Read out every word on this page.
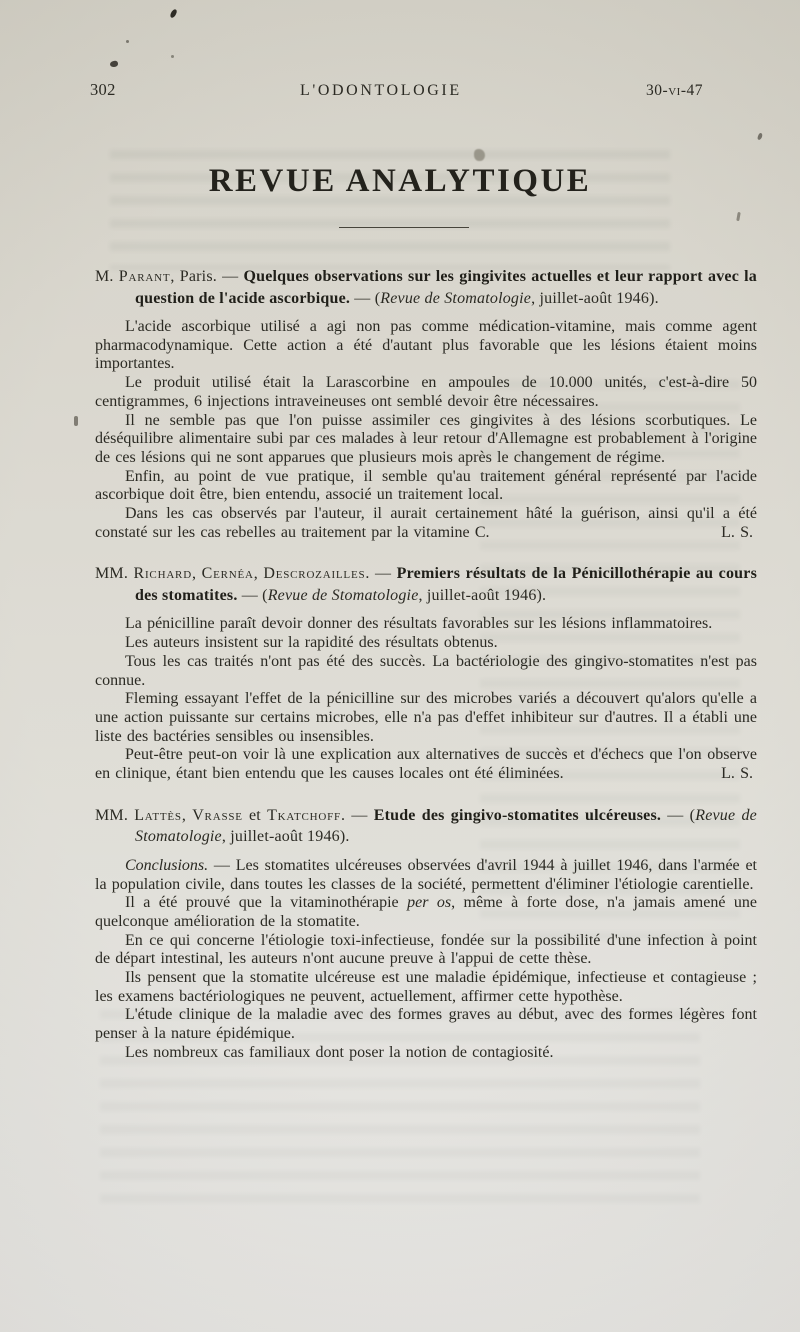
302	L'ODONTOLOGIE	30-vi-47
REVUE ANALYTIQUE

M. Parant, Paris. — Quelques observations sur les gingivites actuelles et leur rapport avec la question de l'acide ascorbique. — (Revue de Stomatologie, juillet-août 1946).

L'acide ascorbique utilisé a agi non pas comme médication-vitamine, mais comme agent pharmacodynamique. Cette action a été d'autant plus favorable que les lésions étaient moins importantes.

Le produit utilisé était la Larascorbine en ampoules de 10.000 unités, c'est-à-dire 50 centigrammes, 6 injections intraveineuses ont semblé devoir être nécessaires.

Il ne semble pas que l'on puisse assimiler ces gingivites à des lésions scorbutiques. Le déséquilibre alimentaire subi par ces malades à leur retour d'Allemagne est probablement à l'origine de ces lésions qui ne sont apparues que plusieurs mois après le changement de régime.

Enfin, au point de vue pratique, il semble qu'au traitement général représenté par l'acide ascorbique doit être, bien entendu, associé un traitement local.

Dans les cas observés par l'auteur, il aurait certainement hâté la guérison, ainsi qu'il a été constaté sur les cas rebelles au traitement par la vitamine C.	L. S.

MM. Richard, Cernéa, Descrozailles. — Premiers résultats de la Pénicillothérapie au cours des stomatites. — (Revue de Stomatologie, juillet-août 1946).

La pénicilline paraît devoir donner des résultats favorables sur les lésions inflammatoires.

Les auteurs insistent sur la rapidité des résultats obtenus.

Tous les cas traités n'ont pas été des succès. La bactériologie des gingivo-stomatites n'est pas connue.

Fleming essayant l'effet de la pénicilline sur des microbes variés a découvert qu'alors qu'elle a une action puissante sur certains microbes, elle n'a pas d'effet inhibiteur sur d'autres. Il a établi une liste des bactéries sensibles ou insensibles.

Peut-être peut-on voir là une explication aux alternatives de succès et d'échecs que l'on observe en clinique, étant bien entendu que les causes locales ont été éliminées.	L. S.

MM. Lattès, Vrasse et Tkatchoff. — Etude des gingivo-stomatites ulcéreuses. — (Revue de Stomatologie, juillet-août 1946).

Conclusions. — Les stomatites ulcéreuses observées d'avril 1944 à juillet 1946, dans l'armée et la population civile, dans toutes les classes de la société, permettent d'éliminer l'étiologie carentielle.

Il a été prouvé que la vitaminothérapie per os, même à forte dose, n'a jamais amené une quelconque amélioration de la stomatite.

En ce qui concerne l'étiologie toxi-infectieuse, fondée sur la possibilité d'une infection à point de départ intestinal, les auteurs n'ont aucune preuve à l'appui de cette thèse.

Ils pensent que la stomatite ulcéreuse est une maladie épidémique, infectieuse et contagieuse ; les examens bactériologiques ne peuvent, actuellement, affirmer cette hypothèse.

L'étude clinique de la maladie avec des formes graves au début, avec des formes légères font penser à la nature épidémique.

Les nombreux cas familiaux dont poser la notion de contagiosité.
